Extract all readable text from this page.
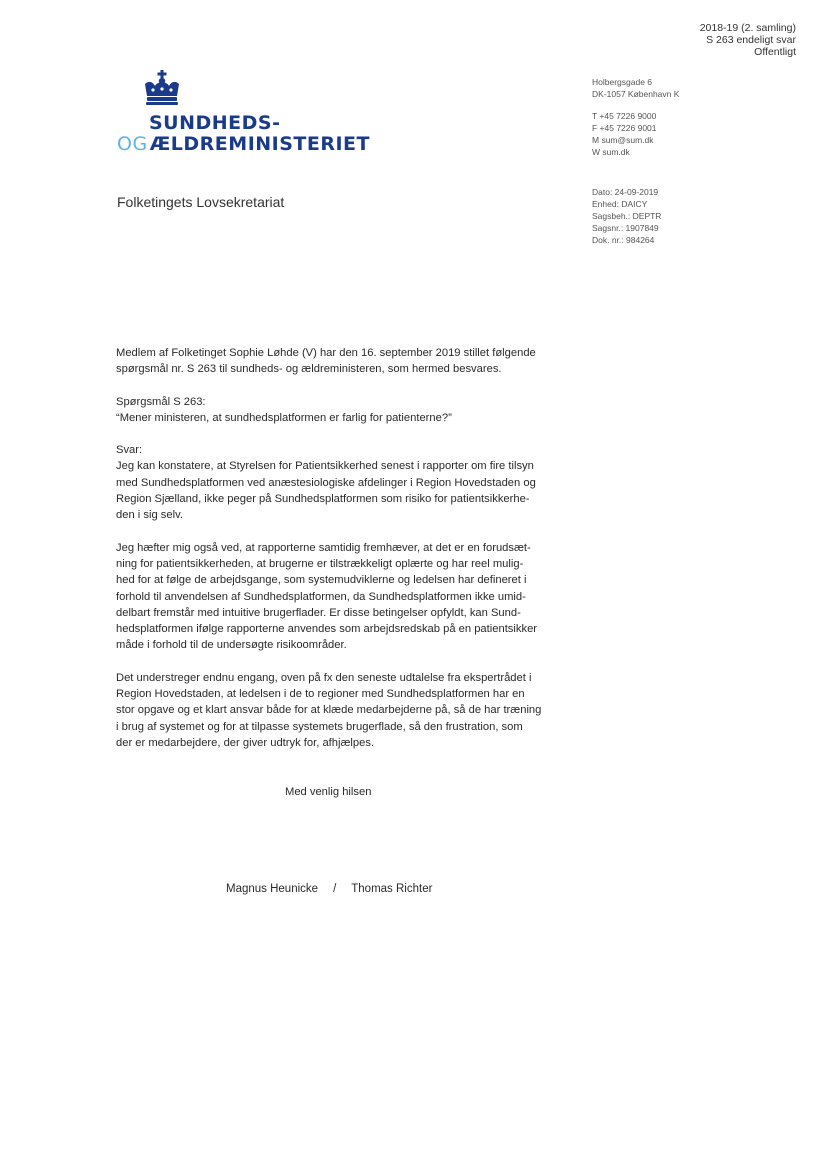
2018-19 (2. samling)
S 263 endeligt svar
Offentligt
SUNDHEDS-
OG ÆLDREMINISTERIET
Folketingets Lovsekretariat
Holbergsgade 6
DK-1057 København K
T +45 7226 9000
F +45 7226 9001
M sum@sum.dk
W sum.dk
Dato: 24-09-2019
Enhed: DAICY
Sagsbeh.: DEPTR
Sagsnr.: 1907849
Dok. nr.: 984264

Medlem af Folketinget Sophie Løhde (V) har den 16. september 2019 stillet følgende
spørgsmål nr. S 263 til sundheds- og ældreministeren, som hermed besvares.

Spørgsmål S 263:
“Mener ministeren, at sundhedsplatformen er farlig for patienterne?”

Svar:
Jeg kan konstatere, at Styrelsen for Patientsikkerhed senest i rapporter om fire tilsyn
med Sundhedsplatformen ved anæstesiologiske afdelinger i Region Hovedstaden og
Region Sjælland, ikke peger på Sundhedsplatformen som risiko for patientsikkerhe-
den i sig selv.

Jeg hæfter mig også ved, at rapporterne samtidig fremhæver, at det er en forudsæt-
ning for patientsikkerheden, at brugerne er tilstrækkeligt oplærte og har reel mulig-
hed for at følge de arbejdsgange, som systemudviklerne og ledelsen har defineret i
forhold til anvendelsen af Sundhedsplatformen, da Sundhedsplatformen ikke umid-
delbart fremstår med intuitive brugerflader. Er disse betingelser opfyldt, kan Sund-
hedsplatformen ifølge rapporterne anvendes som arbejdsredskab på en patientsikker
måde i forhold til de undersøgte risikoområder.

Det understreger endnu engang, oven på fx den seneste udtalelse fra ekspertrådet i
Region Hovedstaden, at ledelsen i de to regioner med Sundhedsplatformen har en
stor opgave og et klart ansvar både for at klæde medarbejderne på, så de har træning
i brug af systemet og for at tilpasse systemets brugerflade, så den frustration, som
der er medarbejdere, der giver udtryk for, afhjælpes.

Med venlig hilsen
Magnus Heunicke / Thomas Richter
